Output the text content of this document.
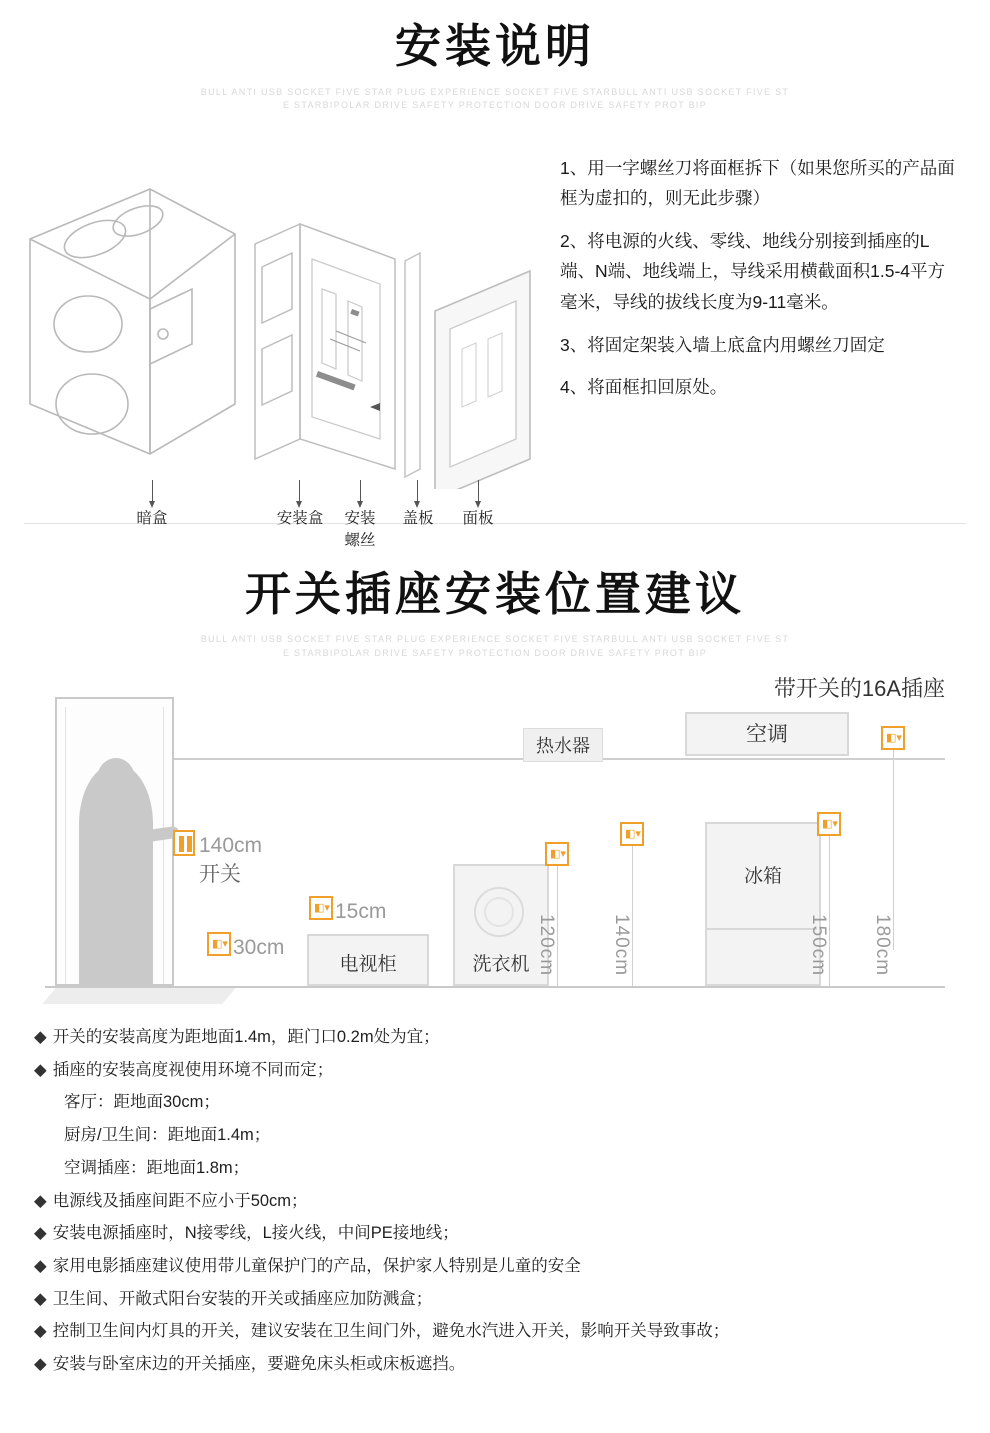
安装说明
BULL ANTI USB SOCKET FIVE STAR PLUG EXPERIENCE SOCKET FIVE STARBULL ANTI USB SOCKET FIVE ST
E STARBIPOLAR DRIVE SAFETY PROTECTION DOOR DRIVE SAFETY PROT BIP
暗盒	安装盒	安装
螺丝
盖板	面板

1、用一字螺丝刀将面框拆下（如果您所买的产品面框为虚扣的，则无此步骤）

2、将电源的火线、零线、地线分别接到插座的L端、N端、地线端上，导线采用横截面积1.5-4平方毫米，导线的拔线长度为9-11毫米。

3、将固定架装入墙上底盒内用螺丝刀固定

4、将面框扣回原处。

开关插座安装位置建议
BULL ANTI USB SOCKET FIVE STAR PLUG EXPERIENCE SOCKET FIVE STARBULL ANTI USB SOCKET FIVE ST
E STARBIPOLAR DRIVE SAFETY PROTECTION DOOR DRIVE SAFETY PROT BIP
带开关的16A插座
140cm
开关
◧▾ 30cm
电视柜
◧▾ 15cm
洗衣机
◧▾
120cm
热水器
◧▾
140cm
冰箱
◧▾
150cm
空调	◧▾
180cm
◆ 开关的安装高度为距地面1.4m，距门口0.2m处为宜；
◆ 插座的安装高度视使用环境不同而定；
客厅：距地面30cm；
厨房/卫生间：距地面1.4m；
空调插座：距地面1.8m；
◆ 电源线及插座间距不应小于50cm；
◆ 安装电源插座时，N接零线，L接火线，中间PE接地线；
◆ 家用电影插座建议使用带儿童保护门的产品，保护家人特别是儿童的安全
◆ 卫生间、开敞式阳台安装的开关或插座应加防溅盒；
◆ 控制卫生间内灯具的开关，建议安装在卫生间门外，避免水汽进入开关，影响开关导致事故；
◆ 安装与卧室床边的开关插座，要避免床头柜或床板遮挡。
